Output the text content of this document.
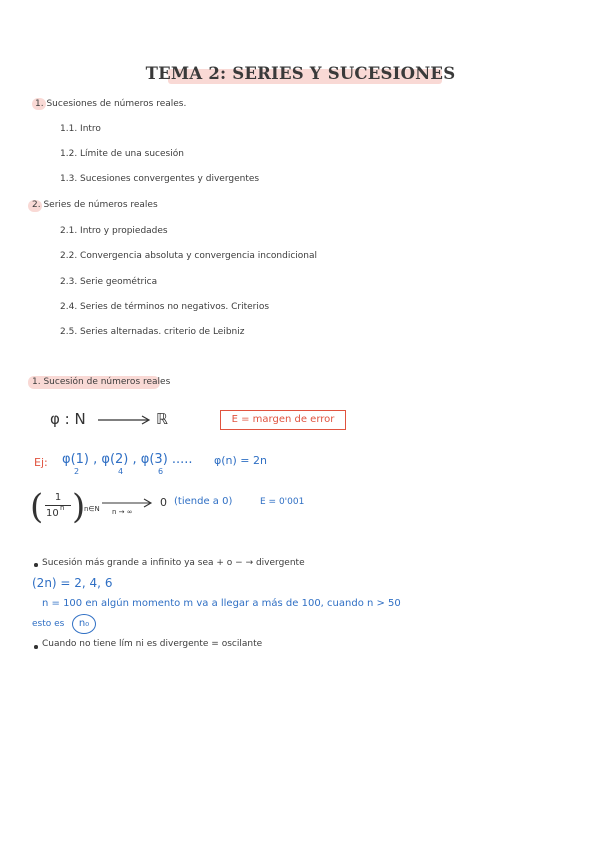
TEMA 2: SERIES Y SUCESIONES
1. Sucesiones de números reales.
1.1. Intro
1.2. Límite de una sucesión
1.3. Sucesiones convergentes y divergentes
2. Series de números reales
2.1. Intro y propiedades
2.2. Convergencia absoluta y convergencia incondicional
2.3. Serie geométrica
2.4. Series de términos no negativos. Criterios
2.5. Series alternadas. criterio de Leibniz
1. Sucesión de números reales
φ : N	ℝ	E = margen de error
Ej: φ(1) , φ(2) , φ(3) .....
2	4	6
φ(n) = 2n
(	1
10 n )
n∈N n → ∞
0 (tiende a 0)	E = 0'001
Sucesión más grande a infinito ya sea + o − → divergente
(2n) = 2, 4, 6
n = 100 en algún momento m va a llegar a más de 100, cuando n > 50
esto es	n₀
Cuando no tiene lím ni es divergente = oscilante
